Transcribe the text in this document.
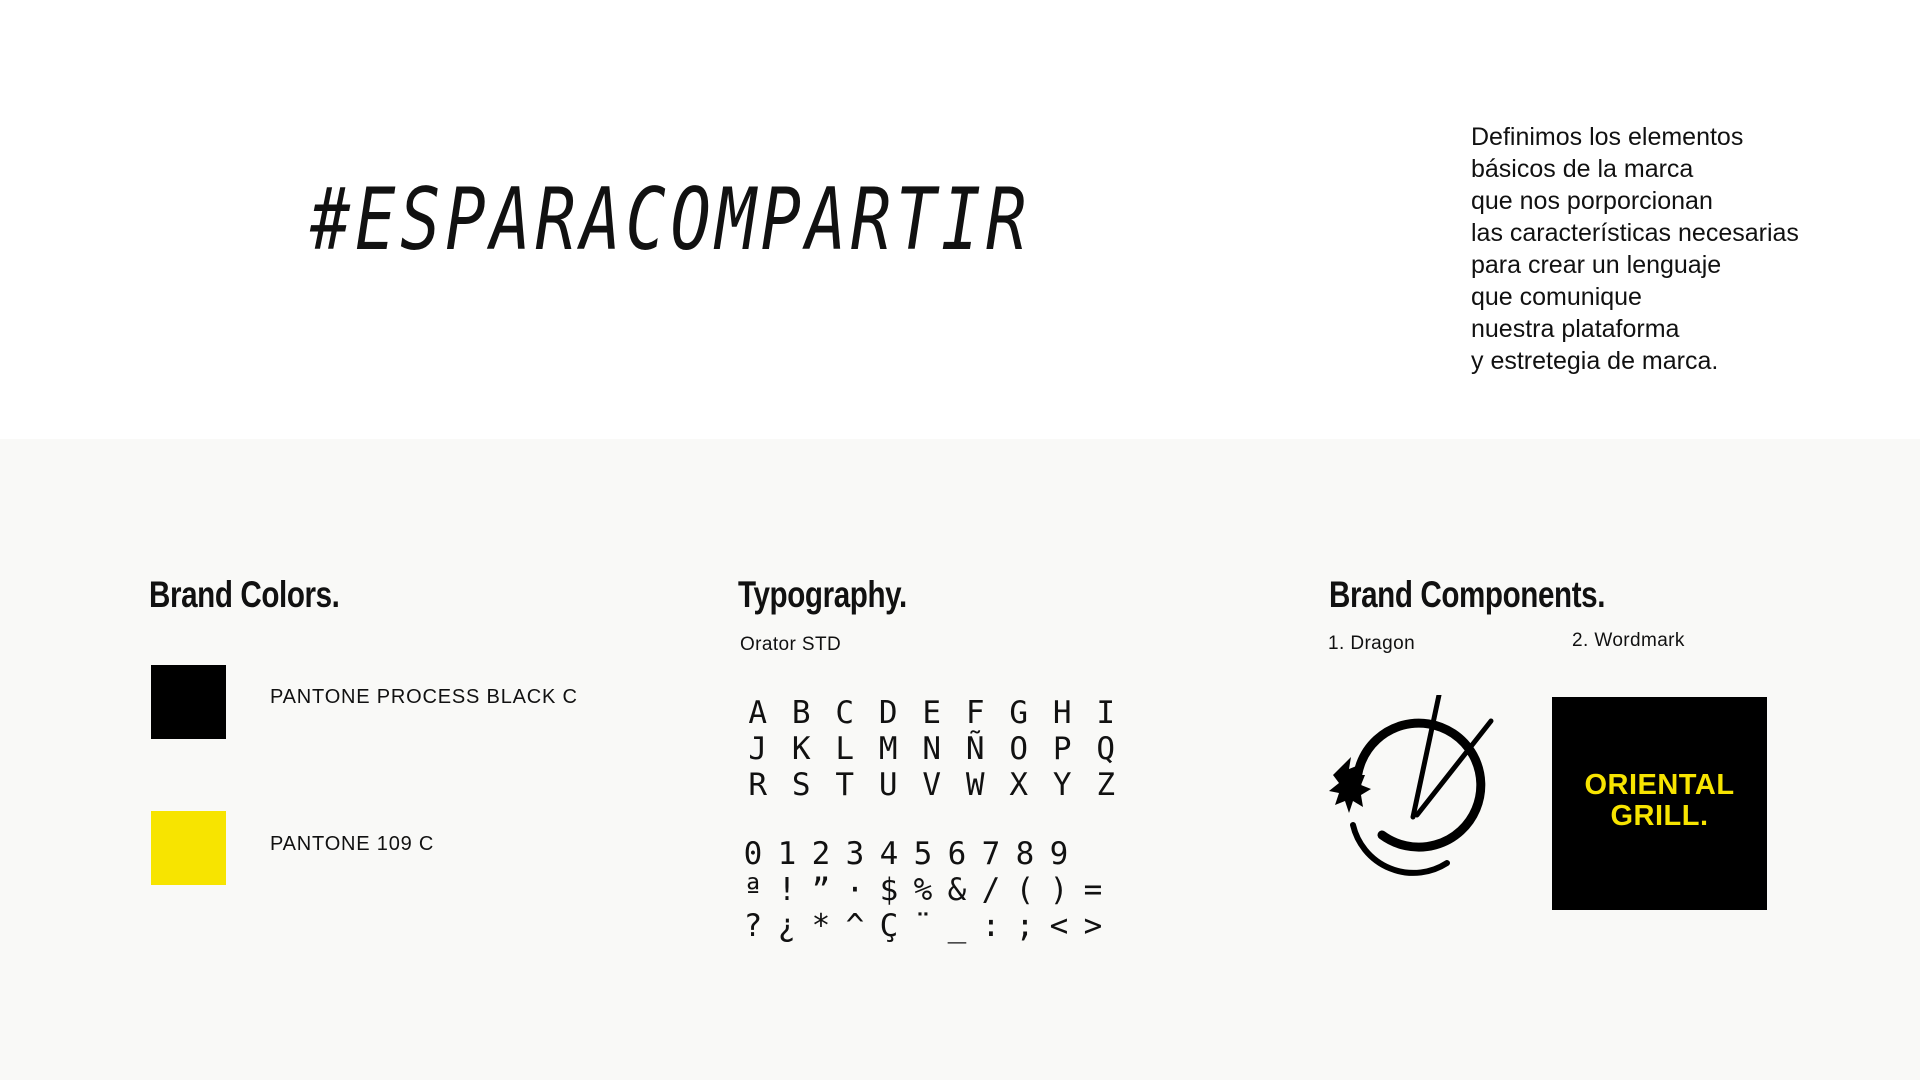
#ESPARACOMPARTIR
Definimos los elementos
básicos de la marca
que nos porporcionan
las características necesarias
para crear un lenguaje
que comunique
nuestra plataforma
y estretegia de marca.
Brand Colors.
PANTONE PROCESS BLACK C
PANTONE 109 C
Typography.
Orator STD
A B C D E F G H I
J K L M N Ñ O P Q
R S T U V W X Y Z
0 1 2 3 4 5 6 7 8 9
ª ! ” · $ % & / ( ) =
? ¿ * ^ Ç ¨ _ : ; < >
Brand Components.
1. Dragon	2. Wordmark
ORIENTAL
GRILL.
